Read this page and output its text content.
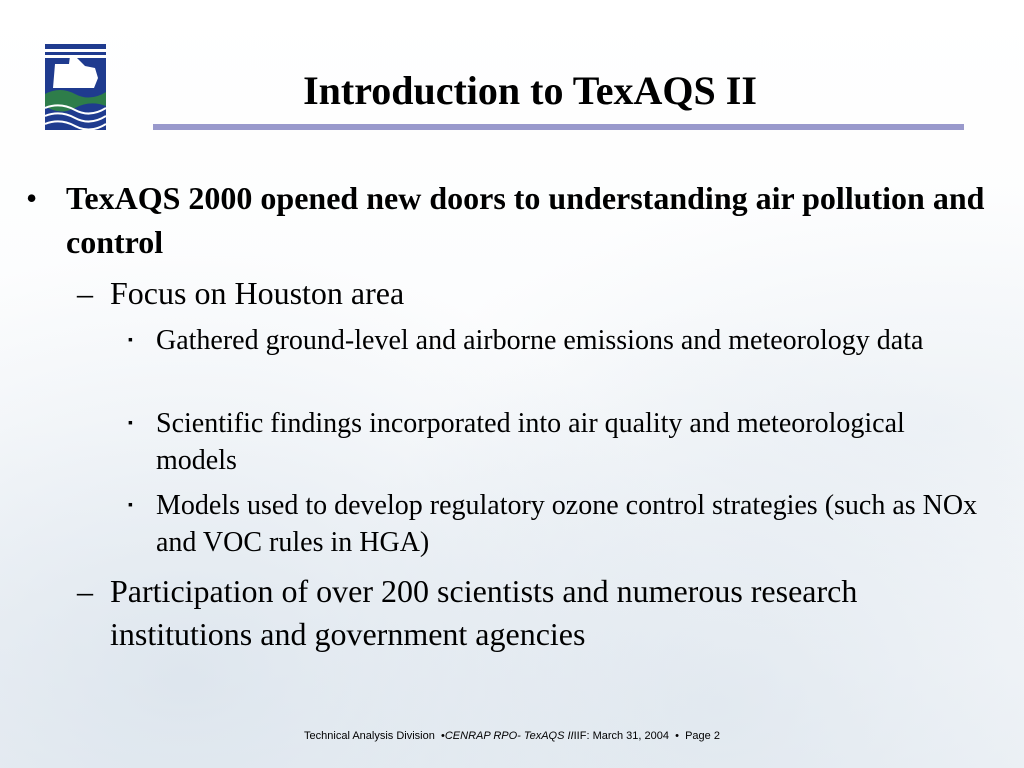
Introduction to TexAQS II
• TexAQS 2000 opened new doors to understanding air pollution and control
– Focus on Houston area
▪ Gathered ground-level and airborne emissions and meteorology data
▪ Scientific findings incorporated into air quality and meteorological models
▪ Models used to develop regulatory ozone control strategies (such as NOx and VOC rules in HGA)
– Participation of over 200 scientists and numerous research institutions and government agencies
Technical Analysis Division  •CENRAP RPO- TexAQS IIIIF: March 31, 2004  •  Page 2
